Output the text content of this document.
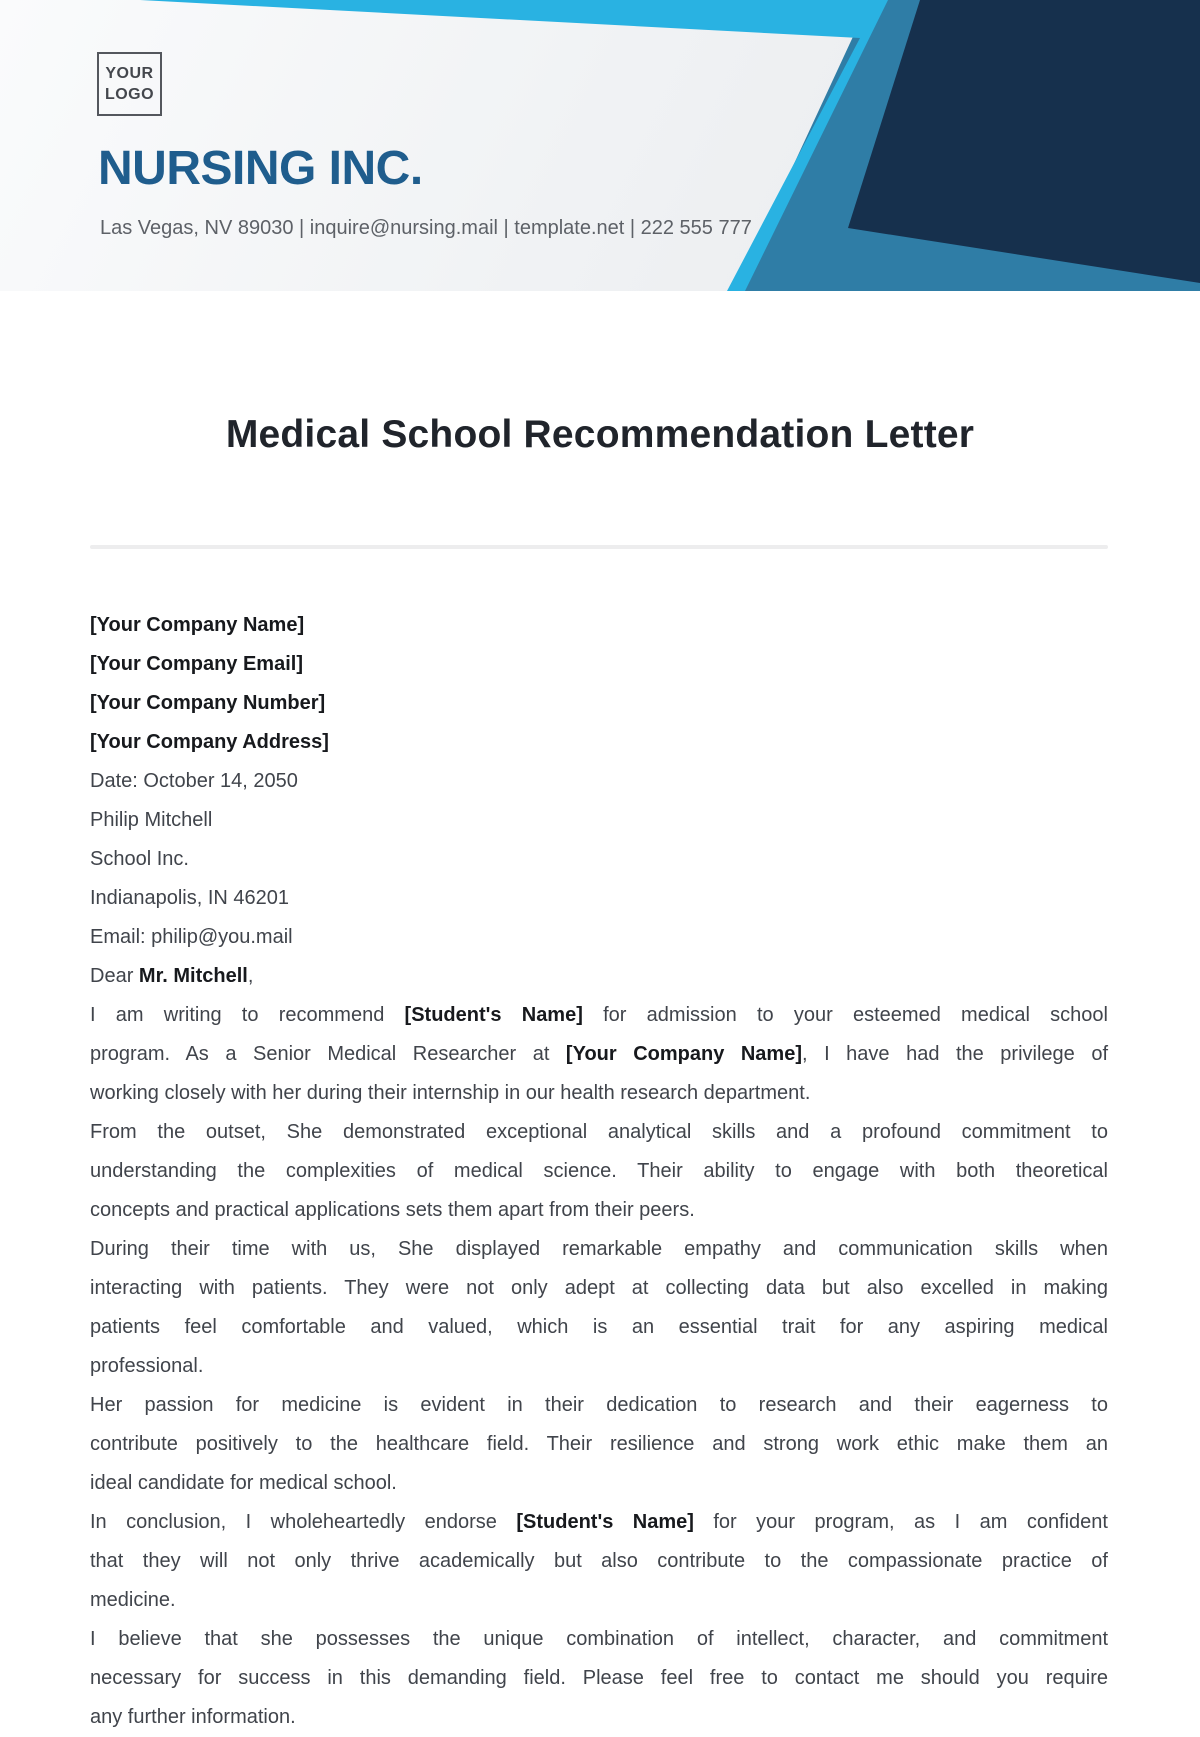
YOUR
LOGO
NURSING INC.
Las Vegas, NV 89030 | inquire@nursing.mail | template.net | 222 555 777
Medical School Recommendation Letter
[Your Company Name]
[Your Company Email]
[Your Company Number]
[Your Company Address]
Date: October 14, 2050
Philip Mitchell
School Inc.
Indianapolis, IN 46201
Email: philip@you.mail
Dear Mr. Mitchell,
I am writing to recommend [Student's Name] for admission to your esteemed medical school
program. As a Senior Medical Researcher at [Your Company Name], I have had the privilege of
working closely with her during their internship in our health research department.
From the outset, She demonstrated exceptional analytical skills and a profound commitment to
understanding the complexities of medical science. Their ability to engage with both theoretical
concepts and practical applications sets them apart from their peers.
During their time with us, She displayed remarkable empathy and communication skills when
interacting with patients. They were not only adept at collecting data but also excelled in making
patients feel comfortable and valued, which is an essential trait for any aspiring medical
professional.
Her passion for medicine is evident in their dedication to research and their eagerness to
contribute positively to the healthcare field. Their resilience and strong work ethic make them an
ideal candidate for medical school.
In conclusion, I wholeheartedly endorse [Student's Name] for your program, as I am confident
that they will not only thrive academically but also contribute to the compassionate practice of
medicine.
I believe that she possesses the unique combination of intellect, character, and commitment
necessary for success in this demanding field. Please feel free to contact me should you require
any further information.
